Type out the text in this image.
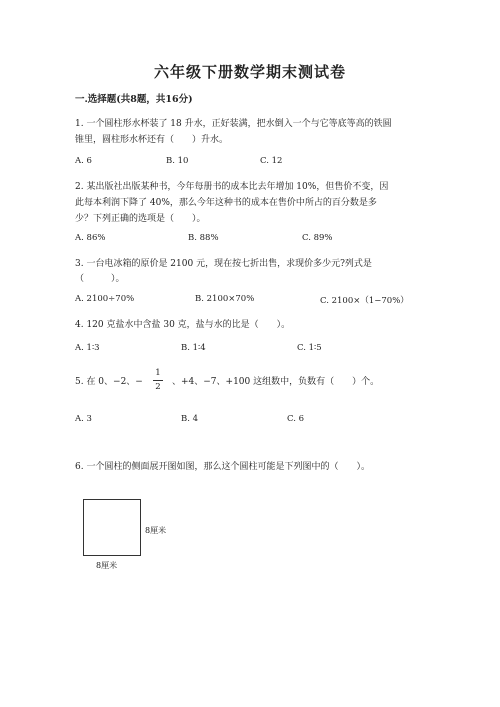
六年级下册数学期末测试卷
一.选择题(共8题，共16分)
1. 一个圆柱形水杯装了 18 升水，正好装满，把水倒入一个与它等底等高的铁圆
锥里，圆柱形水杯还有（　　）升水。
A. 6	B. 10	C. 12
2. 某出版社出版某种书，今年每册书的成本比去年增加 10%，但售价不变，因
此每本利润下降了 40%，那么今年这种书的成本在售价中所占的百分数是多
少？下列正确的选项是（　　）。
A. 86%	B. 88%	C. 89%
3. 一台电冰箱的原价是 2100 元，现在按七折出售，求现价多少元?列式是
（　　　）。
A. 2100÷70%	B. 2100×70%	C. 2100×（1−70%）
4. 120 克盐水中含盐 30 克，盐与水的比是（　　）。
A. 1∶3	B. 1∶4	C. 1∶5
5. 在 0、−2、−
1
2	、+4、−7、+100 这组数中，负数有（　　）个。
A. 3	B. 4	C. 6
6. 一个圆柱的侧面展开图如图，那么这个圆柱可能是下列图中的（　　）。
8厘米
8厘米
